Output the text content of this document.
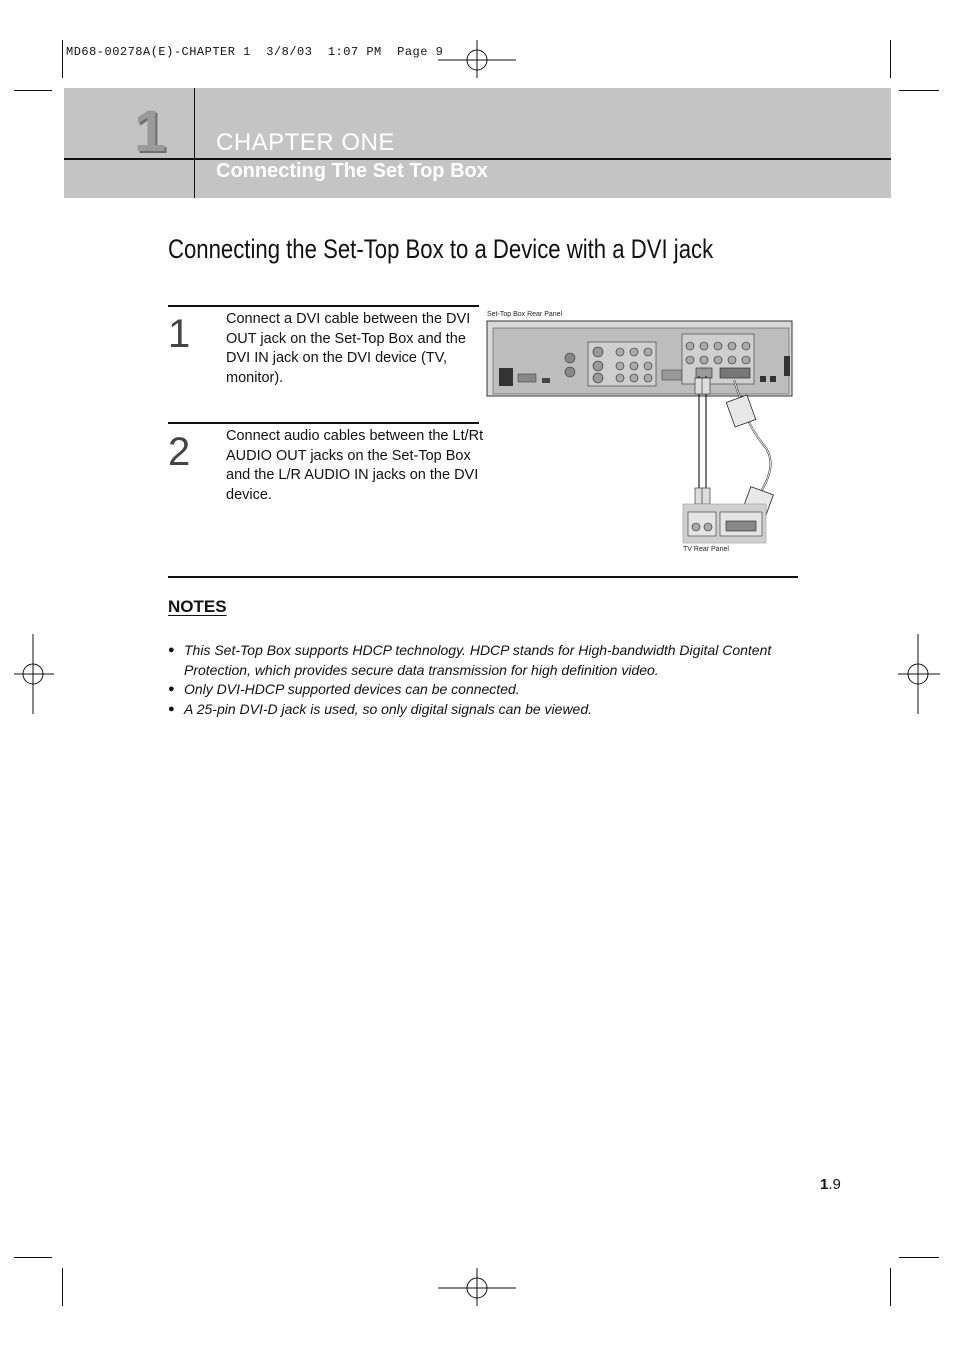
MD68-00278A(E)-CHAPTER 1  3/8/03  1:07 PM  Page 9
1	CHAPTER ONE
Connecting The Set Top Box
Connecting the Set-Top Box to a Device with a DVI jack
1 Connect a DVI cable between the DVI OUT jack on the Set-Top Box and the DVI IN jack on the DVI device (TV, monitor).
2 Connect audio cables between the Lt/Rt AUDIO OUT jacks on the Set-Top Box and the L/R AUDIO IN jacks on the DVI device.
Set-Top Box Rear Panel
TV Rear Panel
NOTES
● This Set-Top Box supports HDCP technology. HDCP stands for High-bandwidth Digital Content Protection, which provides secure data transmission for high definition video.
● Only DVI-HDCP supported devices can be connected.
● A 25-pin DVI-D jack is used, so only digital signals can be viewed.
1.9
